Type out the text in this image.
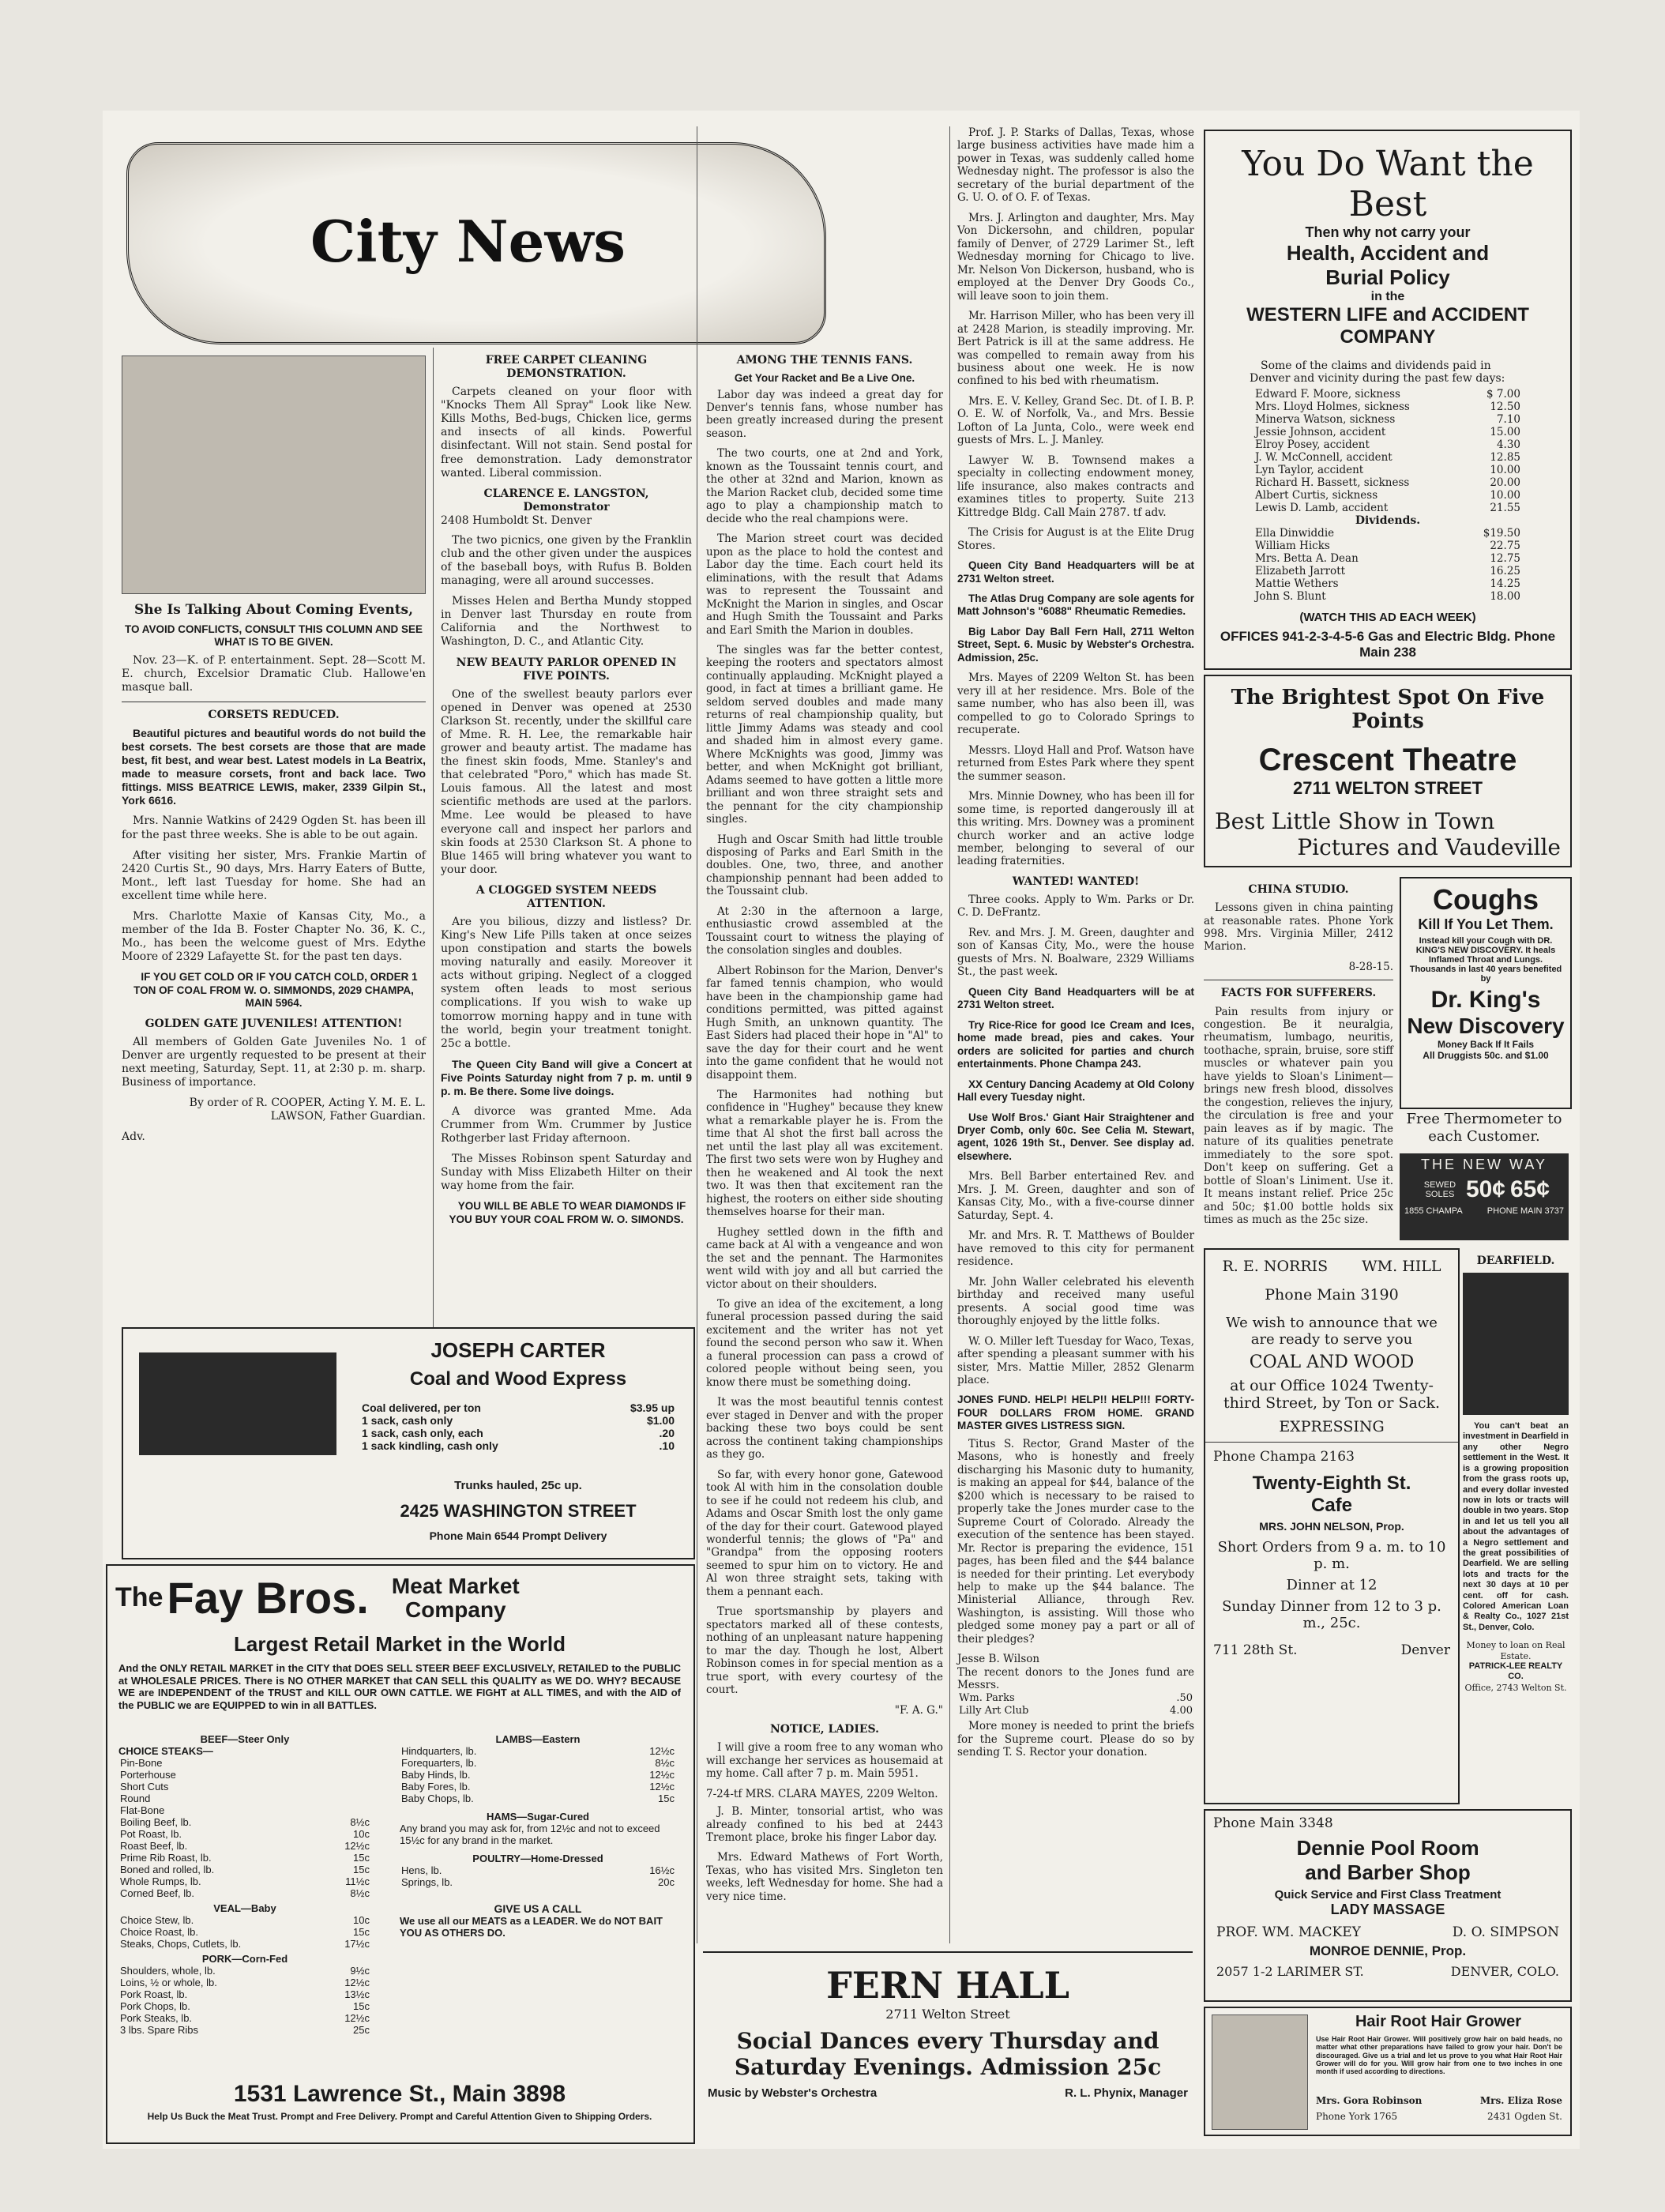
City News
She Is Talking About Coming Events,
TO AVOID CONFLICTS, CONSULT THIS COLUMN AND SEE WHAT IS TO BE GIVEN.

Nov. 23—K. of P. entertainment. Sept. 28—Scott M. E. church, Excelsior Dramatic Club. Hallowe'en masque ball.

CORSETS REDUCED.

Beautiful pictures and beautiful words do not build the best corsets. The best corsets are those that are made best, fit best, and wear best. Latest models in La Beatrix, made to measure corsets, front and back lace. Two fittings. MISS BEATRICE LEWIS, maker, 2339 Gilpin St., York 6616.

Mrs. Nannie Watkins of 2429 Ogden St. has been ill for the past three weeks. She is able to be out again.

After visiting her sister, Mrs. Frankie Martin of 2420 Curtis St., 90 days, Mrs. Harry Eaters of Butte, Mont., left last Tuesday for home. She had an excellent time while here.

Mrs. Charlotte Maxie of Kansas City, Mo., a member of the Ida B. Foster Chapter No. 36, K. C., Mo., has been the welcome guest of Mrs. Edythe Moore of 2329 Lafayette St. for the past ten days.

IF YOU GET COLD OR IF YOU CATCH COLD, ORDER 1 TON OF COAL FROM W. O. SIMMONDS, 2029 CHAMPA, MAIN 5964.

GOLDEN GATE JUVENILES! ATTENTION!

All members of Golden Gate Juveniles No. 1 of Denver are urgently requested to be present at their next meeting, Saturday, Sept. 11, at 2:30 p. m. sharp. Business of importance.

By order of R. COOPER, Acting Y. M. E. L. LAWSON, Father Guardian.

Adv.
FREE CARPET CLEANING DEMONSTRATION.

Carpets cleaned on your floor with "Knocks Them All Spray" Look like New. Kills Moths, Bed-bugs, Chicken lice, germs and insects of all kinds. Powerful disinfectant. Will not stain. Send postal for free demonstration. Lady demonstrator wanted. Liberal commission.

CLARENCE E. LANGSTON, Demonstrator
2408 Humboldt St. Denver

The two picnics, one given by the Franklin club and the other given under the auspices of the baseball boys, with Rufus B. Bolden managing, were all around successes.

Misses Helen and Bertha Mundy stopped in Denver last Thursday en route from California and the Northwest to Washington, D. C., and Atlantic City.

NEW BEAUTY PARLOR OPENED IN FIVE POINTS.

One of the swellest beauty parlors ever opened in Denver was opened at 2530 Clarkson St. recently, under the skillful care of Mme. R. H. Lee, the remarkable hair grower and beauty artist. The madame has the finest skin foods, Mme. Stanley's and that celebrated "Poro," which has made St. Louis famous. All the latest and most scientific methods are used at the parlors. Mme. Lee would be pleased to have everyone call and inspect her parlors and skin foods at 2530 Clarkson St. A phone to Blue 1465 will bring whatever you want to your door.

A CLOGGED SYSTEM NEEDS ATTENTION.

Are you bilious, dizzy and listless? Dr. King's New Life Pills taken at once seizes upon constipation and starts the bowels moving naturally and easily. Moreover it acts without griping. Neglect of a clogged system often leads to most serious complications. If you wish to wake up tomorrow morning happy and in tune with the world, begin your treatment tonight. 25c a bottle.

The Queen City Band will give a Concert at Five Points Saturday night from 7 p. m. until 9 p. m. Be there. Some live doings.

A divorce was granted Mme. Ada Crummer from Wm. Crummer by Justice Rothgerber last Friday afternoon.

The Misses Robinson spent Saturday and Sunday with Miss Elizabeth Hilter on their way home from the fair.

YOU WILL BE ABLE TO WEAR DIAMONDS IF YOU BUY YOUR COAL FROM W. O. SIMONDS.

JOSEPH CARTER
Coal and Wood Express
Coal delivered, per ton	$3.95 up
1 sack, cash only	$1.00
1 sack, cash only, each	.20
1 sack kindling, cash only	.10
Trunks hauled, 25c up.
2425 WASHINGTON STREET
Phone Main 6544 Prompt Delivery
The Fay Bros. Meat Market Company
Largest Retail Market in the World
And the ONLY RETAIL MARKET in the CITY that DOES SELL STEER BEEF EXCLUSIVELY, RETAILED to the PUBLIC at WHOLESALE PRICES. There is NO OTHER MARKET that CAN SELL this QUALITY as WE DO. WHY? BECAUSE WE are INDEPENDENT of the TRUST and KILL OUR OWN CATTLE. WE FIGHT at ALL TIMES, and with the AID of the PUBLIC we are EQUIPPED to win in all BATTLES.
BEEF—Steer Only
CHOICE STEAKS—
Pin-Bone	
Porterhouse	
Short Cuts	
Round	
Flat-Bone	
Boiling Beef, lb.	8½c
Pot Roast, lb.	10c
Roast Beef, lb.	12½c
Prime Rib Roast, lb.	15c
Boned and rolled, lb.	15c
Whole Rumps, lb.	11½c
Corned Beef, lb.	8½c
VEAL—Baby
Choice Stew, lb.	10c
Choice Roast, lb.	15c
Steaks, Chops, Cutlets, lb.	17½c
PORK—Corn-Fed
Shoulders, whole, lb.	9½c
Loins, ½ or whole, lb.	12½c
Pork Roast, lb.	13½c
Pork Chops, lb.	15c
Pork Steaks, lb.	12½c
3 lbs. Spare Ribs	25c
LAMBS—Eastern
Hindquarters, lb.	12½c
Forequarters, lb.	8½c
Baby Hinds, lb.	12½c
Baby Fores, lb.	12½c
Baby Chops, lb.	15c
HAMS—Sugar-Cured
Any brand you may ask for, from 12½c and not to exceed 15½c for any brand in the market.
POULTRY—Home-Dressed
Hens, lb.	16½c
Springs, lb.	20c
GIVE US A CALL
We use all our MEATS as a LEADER. We do NOT BAIT YOU AS OTHERS DO.
1531 Lawrence St., Main 3898
Help Us Buck the Meat Trust. Prompt and Free Delivery. Prompt and Careful Attention Given to Shipping Orders.
AMONG THE TENNIS FANS.
Get Your Racket and Be a Live One.

Labor day was indeed a great day for Denver's tennis fans, whose number has been greatly increased during the present season.

The two courts, one at 2nd and York, known as the Toussaint tennis court, and the other at 32nd and Marion, known as the Marion Racket club, decided some time ago to play a championship match to decide who the real champions were.

The Marion street court was decided upon as the place to hold the contest and Labor day the time. Each court held its eliminations, with the result that Adams was to represent the Toussaint and McKnight the Marion in singles, and Oscar and Hugh Smith the Toussaint and Parks and Earl Smith the Marion in doubles.

The singles was far the better contest, keeping the rooters and spectators almost continually applauding. McKnight played a good, in fact at times a brilliant game. He seldom served doubles and made many returns of real championship quality, but little Jimmy Adams was steady and cool and shaded him in almost every game. Where McKnights was good, Jimmy was better, and when McKnight got brilliant, Adams seemed to have gotten a little more brilliant and won three straight sets and the pennant for the city championship singles.

Hugh and Oscar Smith had little trouble disposing of Parks and Earl Smith in the doubles. One, two, three, and another championship pennant had been added to the Toussaint club.

At 2:30 in the afternoon a large, enthusiastic crowd assembled at the Toussaint court to witness the playing of the consolation singles and doubles.

Albert Robinson for the Marion, Denver's far famed tennis champion, who would have been in the championship game had conditions permitted, was pitted against Hugh Smith, an unknown quantity. The East Siders had placed their hope in "Al" to save the day for their court and he went into the game confident that he would not disappoint them.

The Harmonites had nothing but confidence in "Hughey" because they knew what a remarkable player he is. From the time that Al shot the first ball across the net until the last play all was excitement. The first two sets were won by Hughey and then he weakened and Al took the next two. It was then that excitement ran the highest, the rooters on either side shouting themselves hoarse for their man.

Hughey settled down in the fifth and came back at Al with a vengeance and won the set and the pennant. The Harmonites went wild with joy and all but carried the victor about on their shoulders.

To give an idea of the excitement, a long funeral procession passed during the said excitement and the writer has not yet found the second person who saw it. When a funeral procession can pass a crowd of colored people without being seen, you know there must be something doing.

It was the most beautiful tennis contest ever staged in Denver and with the proper backing these two boys could be sent across the continent taking championships as they go.

So far, with every honor gone, Gatewood took Al with him in the consolation double to see if he could not redeem his club, and Adams and Oscar Smith lost the only game of the day for their court. Gatewood played wonderful tennis; the glows of "Pa" and "Grandpa" from the opposing rooters seemed to spur him on to victory. He and Al won three straight sets, taking with them a pennant each.

True sportsmanship by players and spectators marked all of these contests, nothing of an unpleasant nature happening to mar the day. Though he lost, Albert Robinson comes in for special mention as a true sport, with every courtesy of the court.

"F. A. G."
NOTICE, LADIES.

I will give a room free to any woman who will exchange her services as housemaid at my home. Call after 7 p. m. Main 5951.

7-24-tf MRS. CLARA MAYES, 2209 Welton.

J. B. Minter, tonsorial artist, who was already confined to his bed at 2443 Tremont place, broke his finger Labor day.

Mrs. Edward Mathews of Fort Worth, Texas, who has visited Mrs. Singleton ten weeks, left Wednesday for home. She had a very nice time.

Prof. J. P. Starks of Dallas, Texas, whose large business activities have made him a power in Texas, was suddenly called home Wednesday night. The professor is also the secretary of the burial department of the G. U. O. of O. F. of Texas.

Mrs. J. Arlington and daughter, Mrs. May Von Dickersohn, and children, popular family of Denver, of 2729 Larimer St., left Wednesday morning for Chicago to live. Mr. Nelson Von Dickerson, husband, who is employed at the Denver Dry Goods Co., will leave soon to join them.

Mr. Harrison Miller, who has been very ill at 2428 Marion, is steadily improving. Mr. Bert Patrick is ill at the same address. He was compelled to remain away from his business about one week. He is now confined to his bed with rheumatism.

Mrs. E. V. Kelley, Grand Sec. Dt. of I. B. P. O. E. W. of Norfolk, Va., and Mrs. Bessie Lofton of La Junta, Colo., were week end guests of Mrs. L. J. Manley.

Lawyer W. B. Townsend makes a specialty in collecting endowment money, life insurance, also makes contracts and examines titles to property. Suite 213 Kittredge Bldg. Call Main 2787. tf adv.

The Crisis for August is at the Elite Drug Stores.

Queen City Band Headquarters will be at 2731 Welton street.

The Atlas Drug Company are sole agents for Matt Johnson's "6088" Rheumatic Remedies.

Big Labor Day Ball Fern Hall, 2711 Welton Street, Sept. 6. Music by Webster's Orchestra. Admission, 25c.

Mrs. Mayes of 2209 Welton St. has been very ill at her residence. Mrs. Bole of the same number, who has also been ill, was compelled to go to Colorado Springs to recuperate.

Messrs. Lloyd Hall and Prof. Watson have returned from Estes Park where they spent the summer season.

Mrs. Minnie Downey, who has been ill for some time, is reported dangerously ill at this writing. Mrs. Downey was a prominent church worker and an active lodge member, belonging to several of our leading fraternities.

WANTED! WANTED!

Three cooks. Apply to Wm. Parks or Dr. C. D. DeFrantz.

Rev. and Mrs. J. M. Green, daughter and son of Kansas City, Mo., were the house guests of Mrs. N. Boalware, 2329 Williams St., the past week.

Queen City Band Headquarters will be at 2731 Welton street.

Try Rice-Rice for good Ice Cream and Ices, home made bread, pies and cakes. Your orders are solicited for parties and church entertainments. Phone Champa 243.

XX Century Dancing Academy at Old Colony Hall every Tuesday night.

Use Wolf Bros.' Giant Hair Straightener and Dryer Comb, only 60c. See Celia M. Stewart, agent, 1026 19th St., Denver. See display ad. elsewhere.

Mrs. Bell Barber entertained Rev. and Mrs. J. M. Green, daughter and son of Kansas City, Mo., with a five-course dinner Saturday, Sept. 4.

Mr. and Mrs. R. T. Matthews of Boulder have removed to this city for permanent residence.

Mr. John Waller celebrated his eleventh birthday and received many useful presents. A social good time was thoroughly enjoyed by the little folks.

W. O. Miller left Tuesday for Waco, Texas, after spending a pleasant summer with his sister, Mrs. Mattie Miller, 2852 Glenarm place.

JONES FUND. HELP! HELP!! HELP!!! FORTY-FOUR DOLLARS FROM HOME. GRAND MASTER GIVES LISTRESS SIGN.

Titus S. Rector, Grand Master of the Masons, who is honestly and freely discharging his Masonic duty to humanity, is making an appeal for $44, balance of the $200 which is necessary to be raised to properly take the Jones murder case to the Supreme Court of Colorado. Already the execution of the sentence has been stayed. Mr. Rector is preparing the evidence, 151 pages, has been filed and the $44 balance is needed for their printing. Let everybody help to make up the $44 balance. The Ministerial Alliance, through Rev. Washington, is assisting. Will those who pledged some money pay a part or all of their pledges?

Jesse B. Wilson
The recent donors to the Jones fund are Messrs.
Wm. Parks	.50
Lilly Art Club	4.00

More money is needed to print the briefs for the Supreme court. Please do so by sending T. S. Rector your donation.

FERN HALL
2711 Welton Street
Social Dances every Thursday and
Saturday Evenings. Admission 25c
Music by Webster's Orchestra	R. L. Phynix, Manager
You Do Want the Best
Then why not carry your
Health, Accident and
Burial Policy
in the
WESTERN LIFE and ACCIDENT COMPANY
Some of the claims and dividends paid in Denver and vicinity during the past few days:
Edward F. Moore, sickness	$ 7.00
Mrs. Lloyd Holmes, sickness	12.50
Minerva Watson, sickness	7.10
Jessie Johnson, accident	15.00
Elroy Posey, accident	4.30
J. W. McConnell, accident	12.85
Lyn Taylor, accident	10.00
Richard H. Bassett, sickness	20.00
Albert Curtis, sickness	10.00
Lewis D. Lamb, accident	21.55
Dividends.
Ella Dinwiddie	$19.50
William Hicks	22.75
Mrs. Betta A. Dean	12.75
Elizabeth Jarrott	16.25
Mattie Wethers	14.25
John S. Blunt	18.00
(WATCH THIS AD EACH WEEK)
OFFICES 941-2-3-4-5-6 Gas and Electric Bldg. Phone Main 238
The Brightest Spot On Five Points
Crescent Theatre
2711 WELTON STREET
Best Little Show in Town
Pictures and Vaudeville
CHINA STUDIO.

Lessons given in china painting at reasonable rates. Phone York 998. Mrs. Virginia Miller, 2412 Marion.

8-28-15.
FACTS FOR SUFFERERS.

Pain results from injury or congestion. Be it neuralgia, rheumatism, lumbago, neuritis, toothache, sprain, bruise, sore stiff muscles or whatever pain you have yields to Sloan's Liniment—brings new fresh blood, dissolves the congestion, relieves the injury, the circulation is free and your pain leaves as if by magic. The nature of its qualities penetrate immediately to the sore spot. Don't keep on suffering. Get a bottle of Sloan's Liniment. Use it. It means instant relief. Price 25c and 50c; $1.00 bottle holds six times as much as the 25c size.

Coughs
Kill If You Let Them.
Instead kill your Cough with DR. KING'S NEW DISCOVERY. It heals Inflamed Throat and Lungs. Thousands in last 40 years benefited by
Dr. King's
New Discovery
Money Back If It Fails
All Druggists 50c. and $1.00
Free Thermometer to each Customer.
THE NEW WAY
SEWED SOLES 50¢ 65¢
1855 CHAMPA	PHONE MAIN 3737
R. E. NORRIS WM. HILL
Phone Main 3190
We wish to announce that we are ready to serve you
COAL AND WOOD
at our Office 1024 Twenty-third Street, by Ton or Sack.
EXPRESSING
Phone Champa 2163
Twenty-Eighth St.
Cafe
MRS. JOHN NELSON, Prop.
Short Orders from 9 a. m. to 10 p. m.
Dinner at 12
Sunday Dinner from 12 to 3 p. m., 25c.
711 28th St.	Denver
DEARFIELD.

You can't beat an investment in Dearfield in any other Negro settlement in the West. It is a growing proposition from the grass roots up, and every dollar invested now in lots or tracts will double in two years. Stop in and let us tell you all about the advantages of a Negro settlement and the great possibilities of Dearfield. We are selling lots and tracts for the next 30 days at 10 per cent. off for cash. Colored American Loan & Realty Co., 1027 21st St., Denver, Colo.

Money to loan on Real Estate.
PATRICK-LEE REALTY CO.
Office, 2743 Welton St.
Phone Main 3348
Dennie Pool Room
and Barber Shop
Quick Service and First Class Treatment
LADY MASSAGE
PROF. WM. MACKEY	D. O. SIMPSON
MONROE DENNIE, Prop.
2057 1-2 LARIMER ST.	DENVER, COLO.
Hair Root Hair Grower
Use Hair Root Hair Grower. Will positively grow hair on bald heads, no matter what other preparations have failed to grow your hair. Don't be discouraged. Give us a trial and let us prove to you what Hair Root Hair Grower will do for you. Will grow hair from one to two inches in one month if used according to directions.
Mrs. Gora Robinson	Mrs. Eliza Rose
Phone York 1765	2431 Ogden St.
